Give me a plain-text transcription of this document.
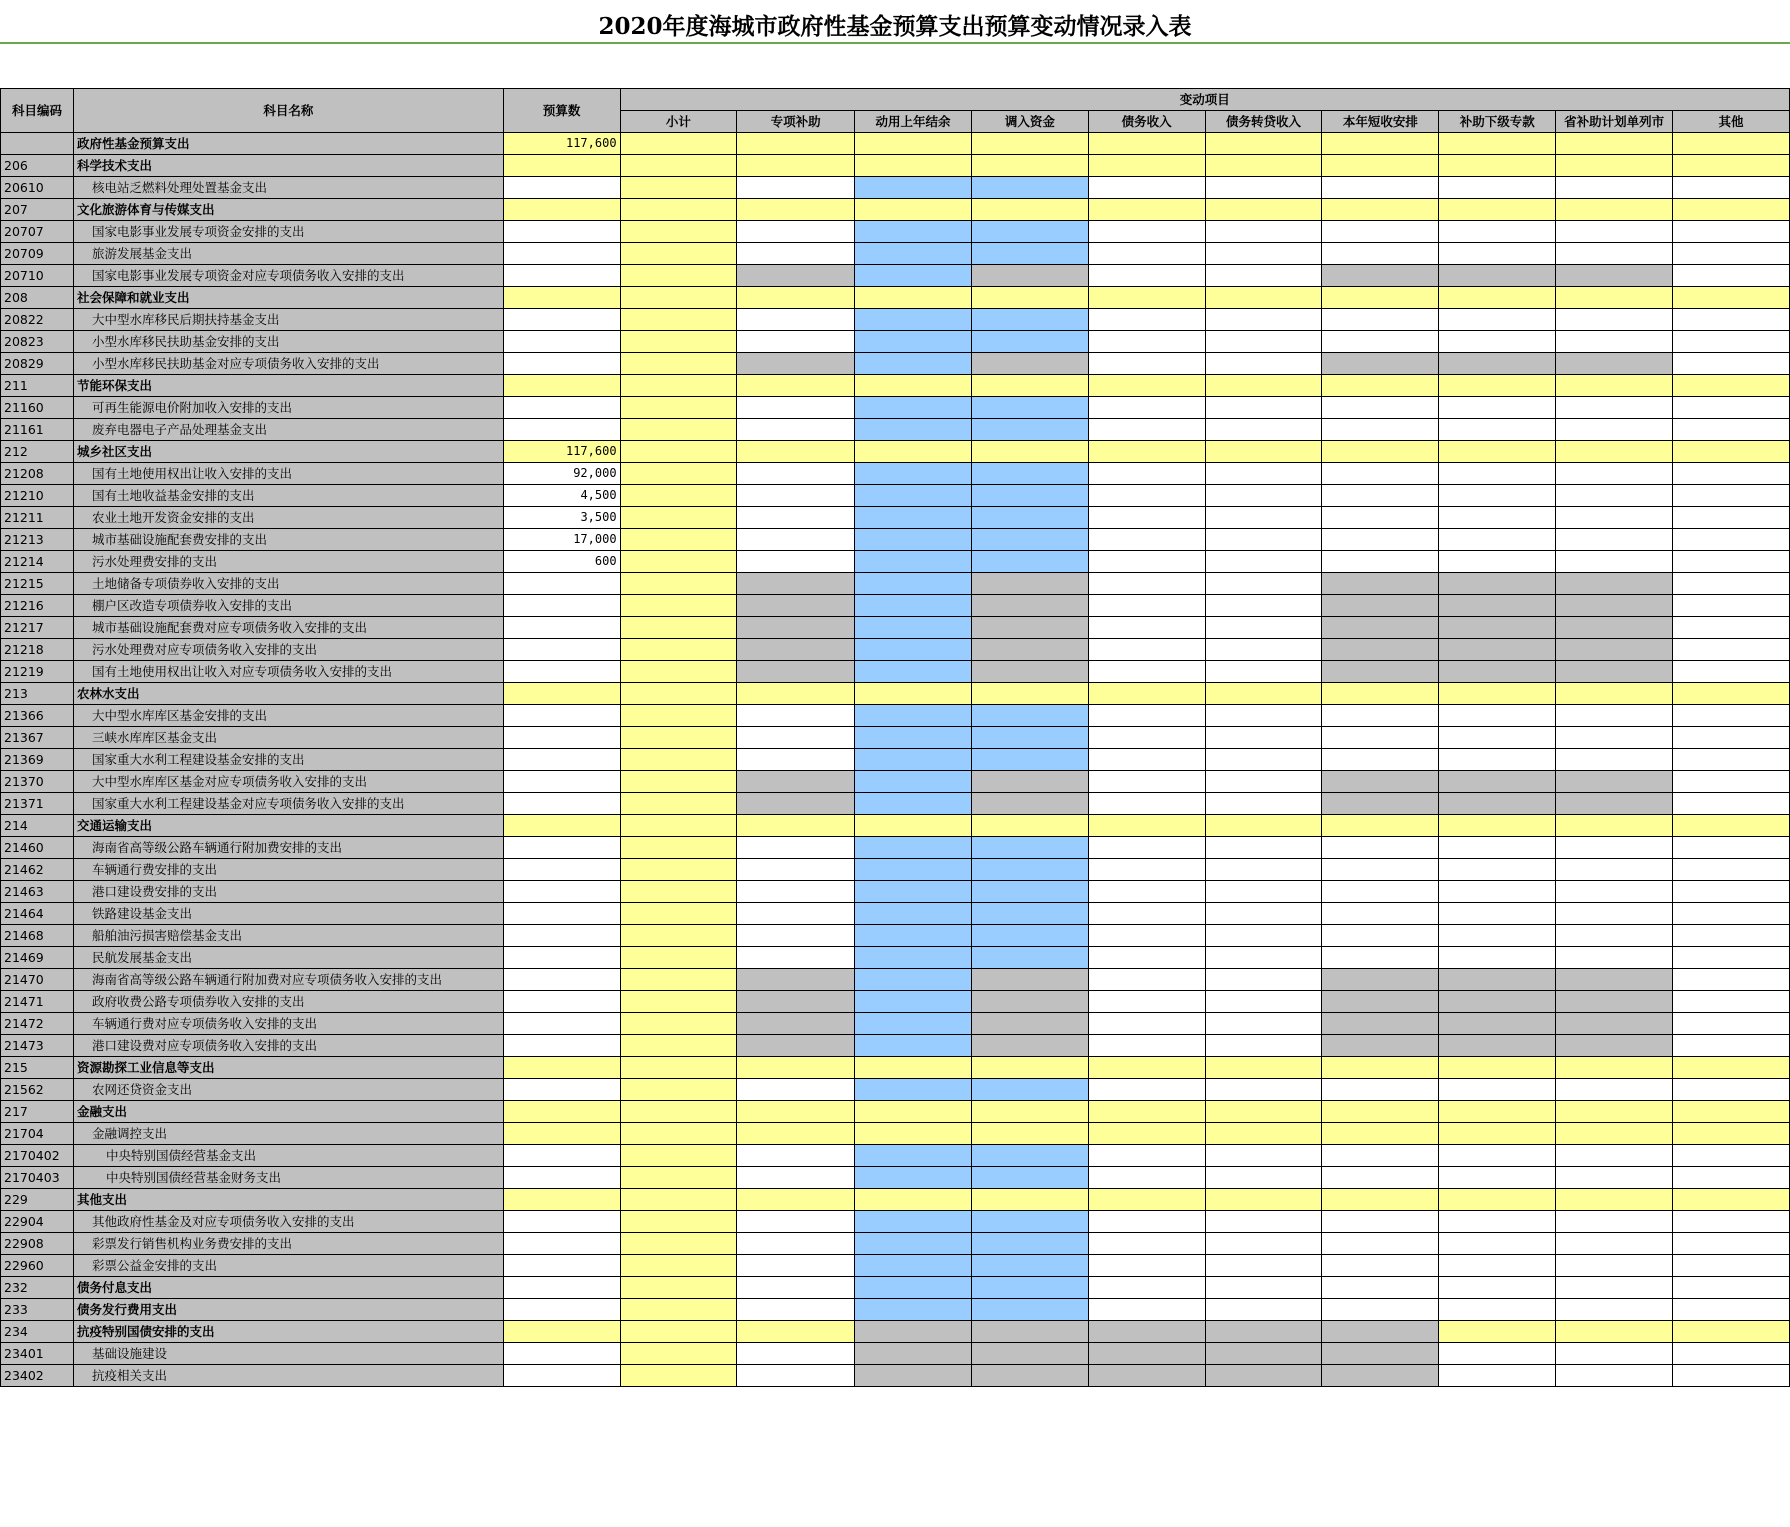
2020年度海城市政府性基金预算支出预算变动情况录入表
科目编码	科目名称	预算数	变动项目									
			小计	专项补助	动用上年结余	调入资金	债务收入	债务转贷收入	本年短收安排	补助下级专款	省补助计划单列市	其他
	政府性基金预算支出	117,600										
206	科学技术支出											
20610	核电站乏燃料处理处置基金支出											
207	文化旅游体育与传媒支出											
20707	国家电影事业发展专项资金安排的支出											
20709	旅游发展基金支出											
20710	国家电影事业发展专项资金对应专项债务收入安排的支出											
208	社会保障和就业支出											
20822	大中型水库移民后期扶持基金支出											
20823	小型水库移民扶助基金安排的支出											
20829	小型水库移民扶助基金对应专项债务收入安排的支出											
211	节能环保支出											
21160	可再生能源电价附加收入安排的支出											
21161	废弃电器电子产品处理基金支出											
212	城乡社区支出	117,600										
21208	国有土地使用权出让收入安排的支出	92,000										
21210	国有土地收益基金安排的支出	4,500										
21211	农业土地开发资金安排的支出	3,500										
21213	城市基础设施配套费安排的支出	17,000										
21214	污水处理费安排的支出	600										
21215	土地储备专项债券收入安排的支出											
21216	棚户区改造专项债券收入安排的支出											
21217	城市基础设施配套费对应专项债务收入安排的支出											
21218	污水处理费对应专项债务收入安排的支出											
21219	国有土地使用权出让收入对应专项债务收入安排的支出											
213	农林水支出											
21366	大中型水库库区基金安排的支出											
21367	三峡水库库区基金支出											
21369	国家重大水利工程建设基金安排的支出											
21370	大中型水库库区基金对应专项债务收入安排的支出											
21371	国家重大水利工程建设基金对应专项债务收入安排的支出											
214	交通运输支出											
21460	海南省高等级公路车辆通行附加费安排的支出											
21462	车辆通行费安排的支出											
21463	港口建设费安排的支出											
21464	铁路建设基金支出											
21468	船舶油污损害赔偿基金支出											
21469	民航发展基金支出											
21470	海南省高等级公路车辆通行附加费对应专项债务收入安排的支出											
21471	政府收费公路专项债券收入安排的支出											
21472	车辆通行费对应专项债务收入安排的支出											
21473	港口建设费对应专项债务收入安排的支出											
215	资源勘探工业信息等支出											
21562	农网还贷资金支出											
217	金融支出											
21704	金融调控支出											
2170402	中央特别国债经营基金支出											
2170403	中央特别国债经营基金财务支出											
229	其他支出											
22904	其他政府性基金及对应专项债务收入安排的支出											
22908	彩票发行销售机构业务费安排的支出											
22960	彩票公益金安排的支出											
232	债务付息支出											
233	债务发行费用支出											
234	抗疫特别国债安排的支出											
23401	基础设施建设											
23402	抗疫相关支出											
